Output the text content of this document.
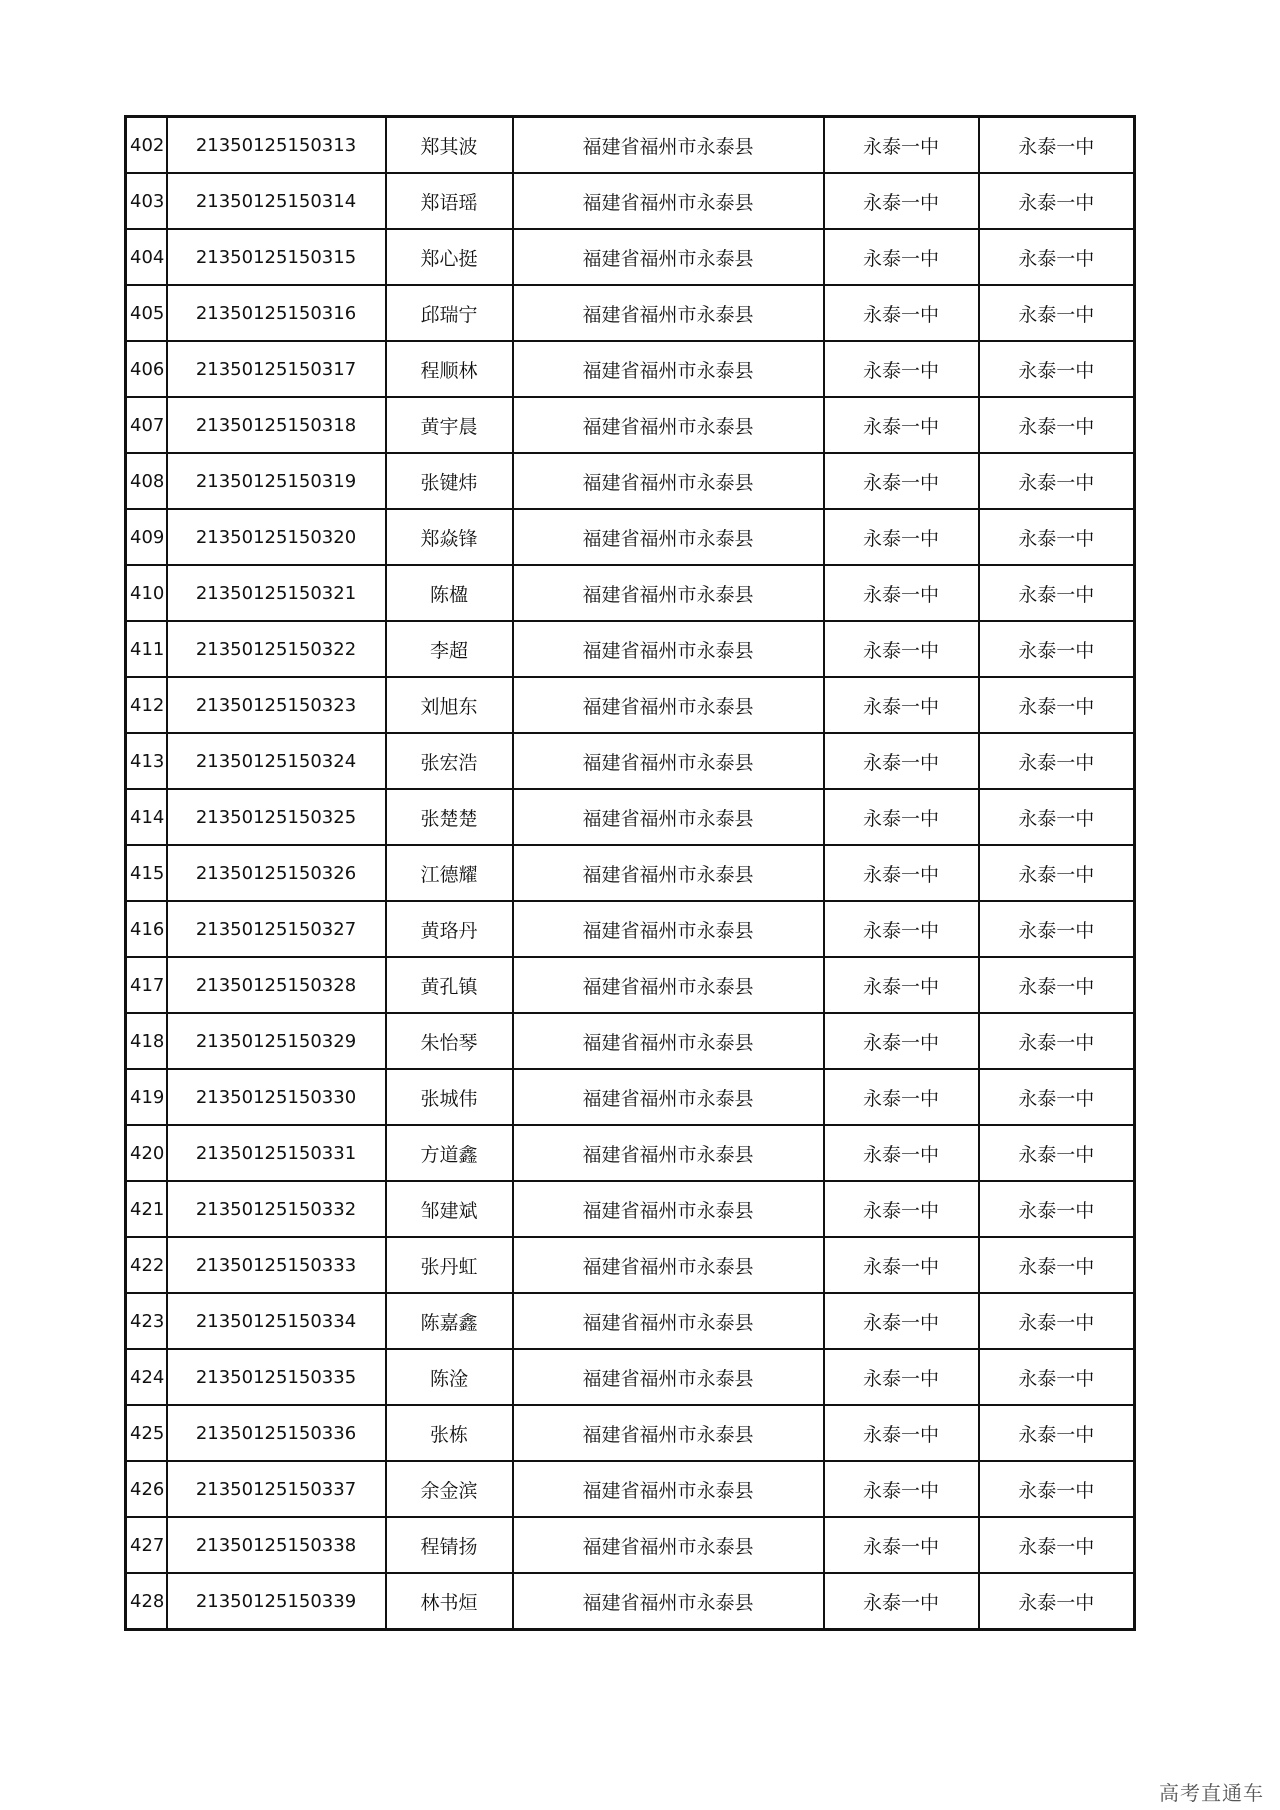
402	21350125150313	郑其波	福建省福州市永泰县	永泰一中	永泰一中
403	21350125150314	郑语瑶	福建省福州市永泰县	永泰一中	永泰一中
404	21350125150315	郑心挺	福建省福州市永泰县	永泰一中	永泰一中
405	21350125150316	邱瑞宁	福建省福州市永泰县	永泰一中	永泰一中
406	21350125150317	程顺林	福建省福州市永泰县	永泰一中	永泰一中
407	21350125150318	黄宇晨	福建省福州市永泰县	永泰一中	永泰一中
408	21350125150319	张键炜	福建省福州市永泰县	永泰一中	永泰一中
409	21350125150320	郑焱锋	福建省福州市永泰县	永泰一中	永泰一中
410	21350125150321	陈楹	福建省福州市永泰县	永泰一中	永泰一中
411	21350125150322	李超	福建省福州市永泰县	永泰一中	永泰一中
412	21350125150323	刘旭东	福建省福州市永泰县	永泰一中	永泰一中
413	21350125150324	张宏浩	福建省福州市永泰县	永泰一中	永泰一中
414	21350125150325	张楚楚	福建省福州市永泰县	永泰一中	永泰一中
415	21350125150326	江德耀	福建省福州市永泰县	永泰一中	永泰一中
416	21350125150327	黄珞丹	福建省福州市永泰县	永泰一中	永泰一中
417	21350125150328	黄孔镇	福建省福州市永泰县	永泰一中	永泰一中
418	21350125150329	朱怡琴	福建省福州市永泰县	永泰一中	永泰一中
419	21350125150330	张城伟	福建省福州市永泰县	永泰一中	永泰一中
420	21350125150331	方道鑫	福建省福州市永泰县	永泰一中	永泰一中
421	21350125150332	邹建斌	福建省福州市永泰县	永泰一中	永泰一中
422	21350125150333	张丹虹	福建省福州市永泰县	永泰一中	永泰一中
423	21350125150334	陈嘉鑫	福建省福州市永泰县	永泰一中	永泰一中
424	21350125150335	陈淦	福建省福州市永泰县	永泰一中	永泰一中
425	21350125150336	张栋	福建省福州市永泰县	永泰一中	永泰一中
426	21350125150337	余金滨	福建省福州市永泰县	永泰一中	永泰一中
427	21350125150338	程锖扬	福建省福州市永泰县	永泰一中	永泰一中
428	21350125150339	林书烜	福建省福州市永泰县	永泰一中	永泰一中
高考直通车
